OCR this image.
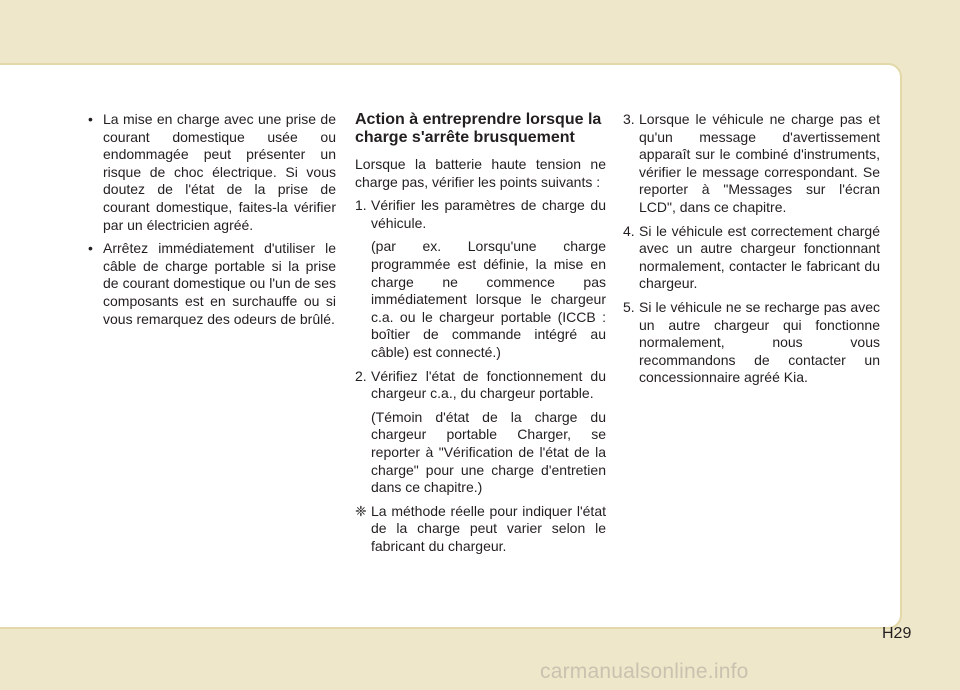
• La mise en charge avec une prise de courant domestique usée ou endommagée peut présenter un risque de choc électrique. Si vous doutez de l'état de la prise de courant domestique, faites-la vérifier par un électricien agréé.
• Arrêtez immédiatement d'utiliser le câble de charge portable si la prise de courant domestique ou l'un de ses composants est en surchauffe ou si vous remarquez des odeurs de brûlé.
Action à entreprendre lorsque la charge s'arrête brusquement

Lorsque la batterie haute tension ne charge pas, vérifier les points suivants :

1. Vérifier les paramètres de charge du véhicule.
(par ex. Lorsqu'une charge programmée est définie, la mise en charge ne commence pas immédiatement lorsque le chargeur c.a. ou le chargeur portable (ICCB : boîtier de commande intégré au câble) est connecté.)
2. Vérifiez l'état de fonctionnement du chargeur c.a., du chargeur portable.
(Témoin d'état de la charge du chargeur portable Charger, se reporter à "Vérification de l'état de la charge" pour une charge d'entretien dans ce chapitre.)
❈ La méthode réelle pour indiquer l'état de la charge peut varier selon le fabricant du chargeur.
3. Lorsque le véhicule ne charge pas et qu'un message d'avertissement apparaît sur le combiné d'instruments, vérifier le message correspondant. Se reporter à "Messages sur l'écran LCD", dans ce chapitre.
4. Si le véhicule est correctement chargé avec un autre chargeur fonctionnant normalement, contacter le fabricant du chargeur.
5. Si le véhicule ne se recharge pas avec un autre chargeur qui fonctionne normalement, nous vous recommandons de contacter un concessionnaire agréé Kia.
H29
carmanualsonline.info
